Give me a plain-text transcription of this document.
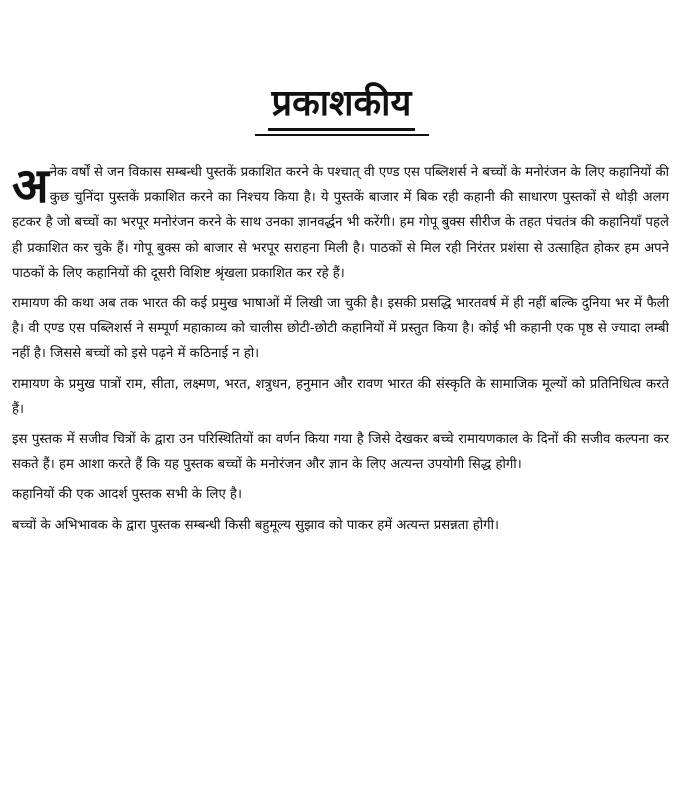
प्रकाशकीय

अनेक वर्षों से जन विकास सम्बन्धी पुस्तकें प्रकाशित करने के पश्चात् वी एण्ड एस पब्लिशर्स ने बच्चों के मनोरंजन के लिए कहानियों की कुछ चुनिंदा पुस्तकें प्रकाशित करने का निश्चय किया है। ये पुस्तकें बाजार में बिक रही कहानी की साधारण पुस्तकों से थोड़ी अलग हटकर है जो बच्चों का भरपूर मनोरंजन करने के साथ उनका ज्ञानवर्द्धन भी करेंगी। हम गोपू बुक्स सीरीज के तहत पंचतंत्र की कहानियाँ पहले ही प्रकाशित कर चुके हैं। गोपू बुक्स को बाजार से भरपूर सराहना मिली है। पाठकों से मिल रही निरंतर प्रशंसा से उत्साहित होकर हम अपने पाठकों के लिए कहानियों की दूसरी विशिष्ट श्रृंखला प्रकाशित कर रहे हैं।

रामायण की कथा अब तक भारत की कई प्रमुख भाषाओं में लिखी जा चुकी है। इसकी प्रसद्धि भारतवर्ष में ही नहीं बल्कि दुनिया भर में फैली है। वी एण्ड एस पब्लिशर्स ने सम्पूर्ण महाकाव्य को चालीस छोटी-छोटी कहानियों में प्रस्तुत किया है। कोई भी कहानी एक पृष्ठ से ज्यादा लम्बी नहीं है। जिससे बच्चों को इसे पढ़ने में कठिनाई न हो।

रामायण के प्रमुख पात्रों राम, सीता, लक्ष्मण, भरत, शत्रुधन, हनुमान और रावण भारत की संस्कृति के सामाजिक मूल्यों को प्रतिनिधित्व करते हैं।

इस पुस्तक में सजीव चित्रों के द्वारा उन परिस्थितियों का वर्णन किया गया है जिसे देखकर बच्चे रामायणकाल के दिनों की सजीव कल्पना कर सकते हैं। हम आशा करते हैं कि यह पुस्तक बच्चों के मनोरंजन और ज्ञान के लिए अत्यन्त उपयोगी सिद्ध होगी।

कहानियों की एक आदर्श पुस्तक सभी के लिए है।

बच्चों के अभिभावक के द्वारा पुस्तक सम्बन्धी किसी बहुमूल्य सुझाव को पाकर हमें अत्यन्त प्रसन्नता होगी।
